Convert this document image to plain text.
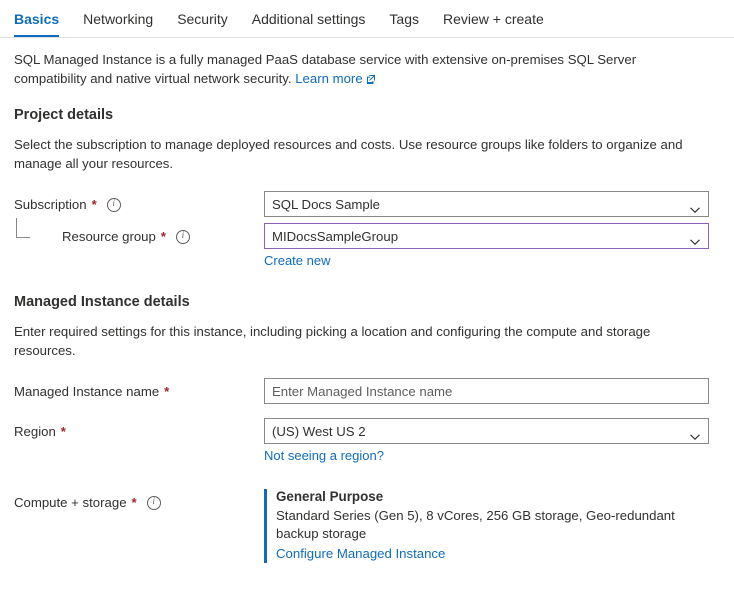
Basics	Networking	Security	Additional settings	Tags	Review + create
SQL Managed Instance is a fully managed PaaS database service with extensive on-premises SQL Server compatibility and native virtual network security. Learn more
Project details
Select the subscription to manage deployed resources and costs. Use resource groups like folders to organize and manage all your resources.
Subscription *	i	SQL Docs Sample
Resource group *	i	MIDocsSampleGroup
Create new
Managed Instance details
Enter required settings for this instance, including picking a location and configuring the compute and storage resources.
Managed Instance name *	Enter Managed Instance name
Region *	(US) West US 2
Not seeing a region?
Compute + storage *	i	General Purpose
Standard Series (Gen 5), 8 vCores, 256 GB storage, Geo-redundant backup storage
Configure Managed Instance
